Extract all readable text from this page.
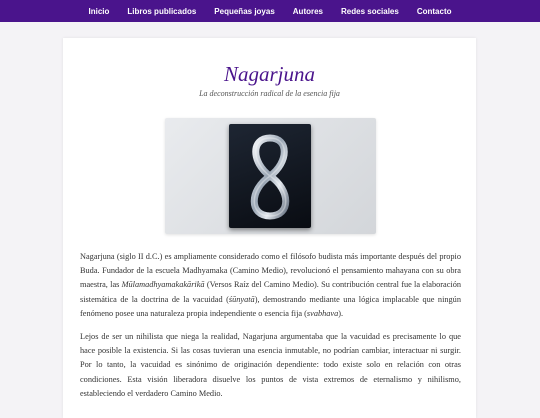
Inicio Libros publicados Pequeñas joyas Autores Redes sociales Contacto
Nagarjuna
La deconstrucción radical de la esencia fija

Nagarjuna (siglo II d.C.) es ampliamente considerado como el filósofo budista más importante después del propio Buda. Fundador de la escuela Madhyamaka (Camino Medio), revolucionó el pensamiento mahayana con su obra maestra, las Mūlamadhyamakakārikā (Versos Raíz del Camino Medio). Su contribución central fue la elaboración sistemática de la doctrina de la vacuidad (śūnyatā), demostrando mediante una lógica implacable que ningún fenómeno posee una naturaleza propia independiente o esencia fija (svabhava).

Lejos de ser un nihilista que niega la realidad, Nagarjuna argumentaba que la vacuidad es precisamente lo que hace posible la existencia. Si las cosas tuvieran una esencia inmutable, no podrían cambiar, interactuar ni surgir. Por lo tanto, la vacuidad es sinónimo de originación dependiente: todo existe solo en relación con otras condiciones. Esta visión liberadora disuelve los puntos de vista extremos de eternalismo y nihilismo, estableciendo el verdadero Camino Medio.
